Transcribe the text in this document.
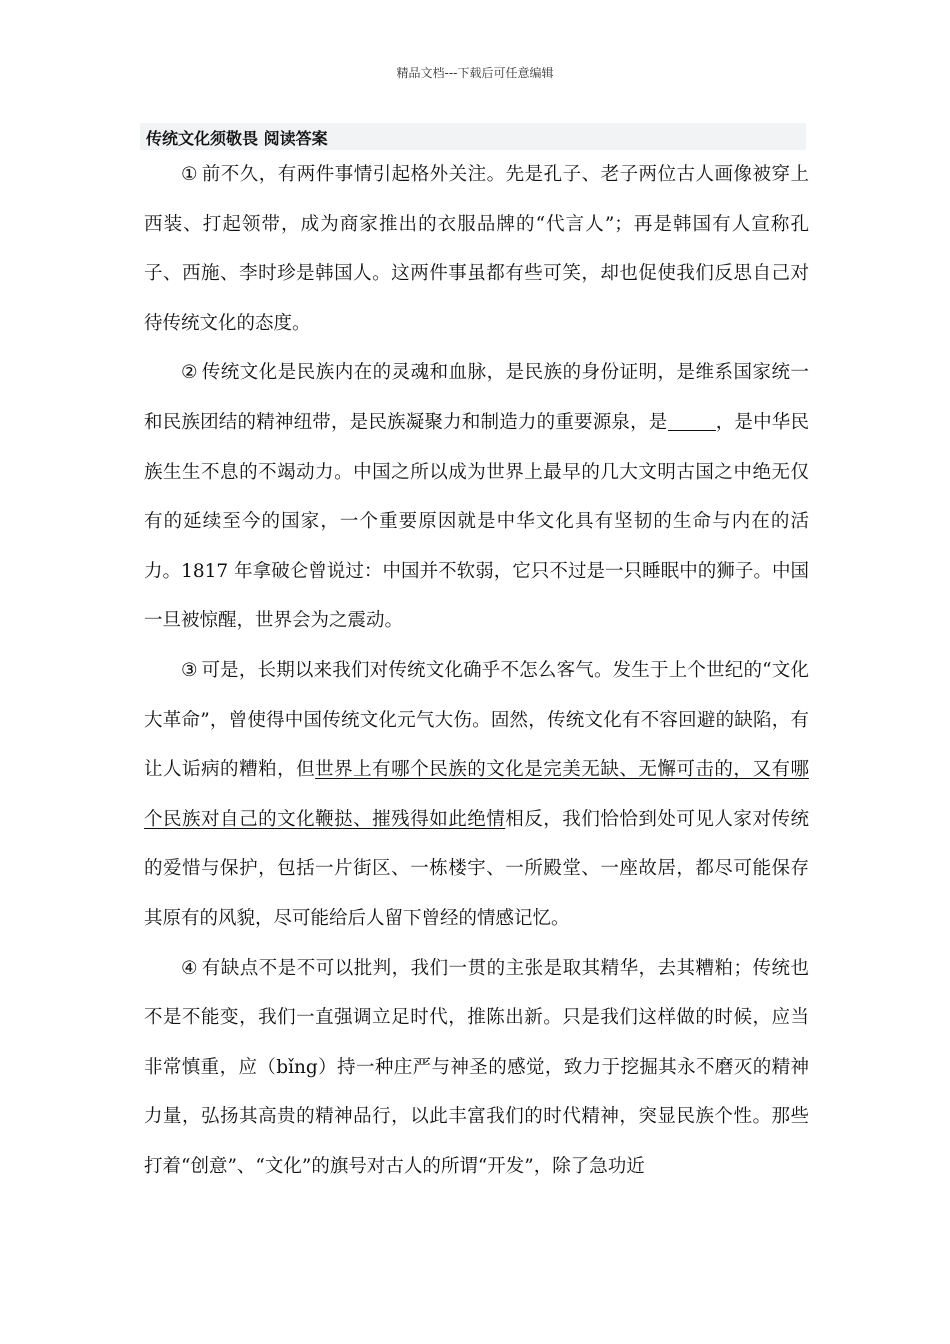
精品文档---下载后可任意编辑
传统文化须敬畏 阅读答案

① 前不久，有两件事情引起格外关注。先是孔子、老子两位古人画像被穿上西装、打起领带，成为商家推出的衣服品牌的“代言人”；再是韩国有人宣称孔子、西施、李时珍是韩国人。这两件事虽都有些可笑，却也促使我们反思自己对待传统文化的态度。

② 传统文化是民族内在的灵魂和血脉，是民族的身份证明，是维系国家统一和民族团结的精神纽带，是民族凝聚力和制造力的重要源泉，是	，是中华民族生生不息的不竭动力。中国之所以成为世界上最早的几大文明古国之中绝无仅有的延续至今的国家，一个重要原因就是中华文化具有坚韧的生命与内在的活力。1817 年拿破仑曾说过：中国并不软弱，它只不过是一只睡眠中的狮子。中国一旦被惊醒，世界会为之震动。

③ 可是，长期以来我们对传统文化确乎不怎么客气。发生于上个世纪的“文化大革命”，曾使得中国传统文化元气大伤。固然，传统文化有不容回避的缺陷，有让人诟病的糟粕，但世界上有哪个民族的文化是完美无缺、无懈可击的，又有哪个民族对自己的文化鞭挞、摧残得如此绝情相反，我们恰恰到处可见人家对传统的爱惜与保护，包括一片街区、一栋楼宇、一所殿堂、一座故居，都尽可能保存其原有的风貌，尽可能给后人留下曾经的情感记忆。

④ 有缺点不是不可以批判，我们一贯的主张是取其精华，去其糟粕；传统也不是不能变，我们一直强调立足时代，推陈出新。只是我们这样做的时候，应当非常慎重，应（bǐng）持一种庄严与神圣的感觉，致力于挖掘其永不磨灭的精神力量，弘扬其高贵的精神品行，以此丰富我们的时代精神，突显民族个性。那些打着“创意”、“文化”的旗号对古人的所谓“开发”，除了急功近
